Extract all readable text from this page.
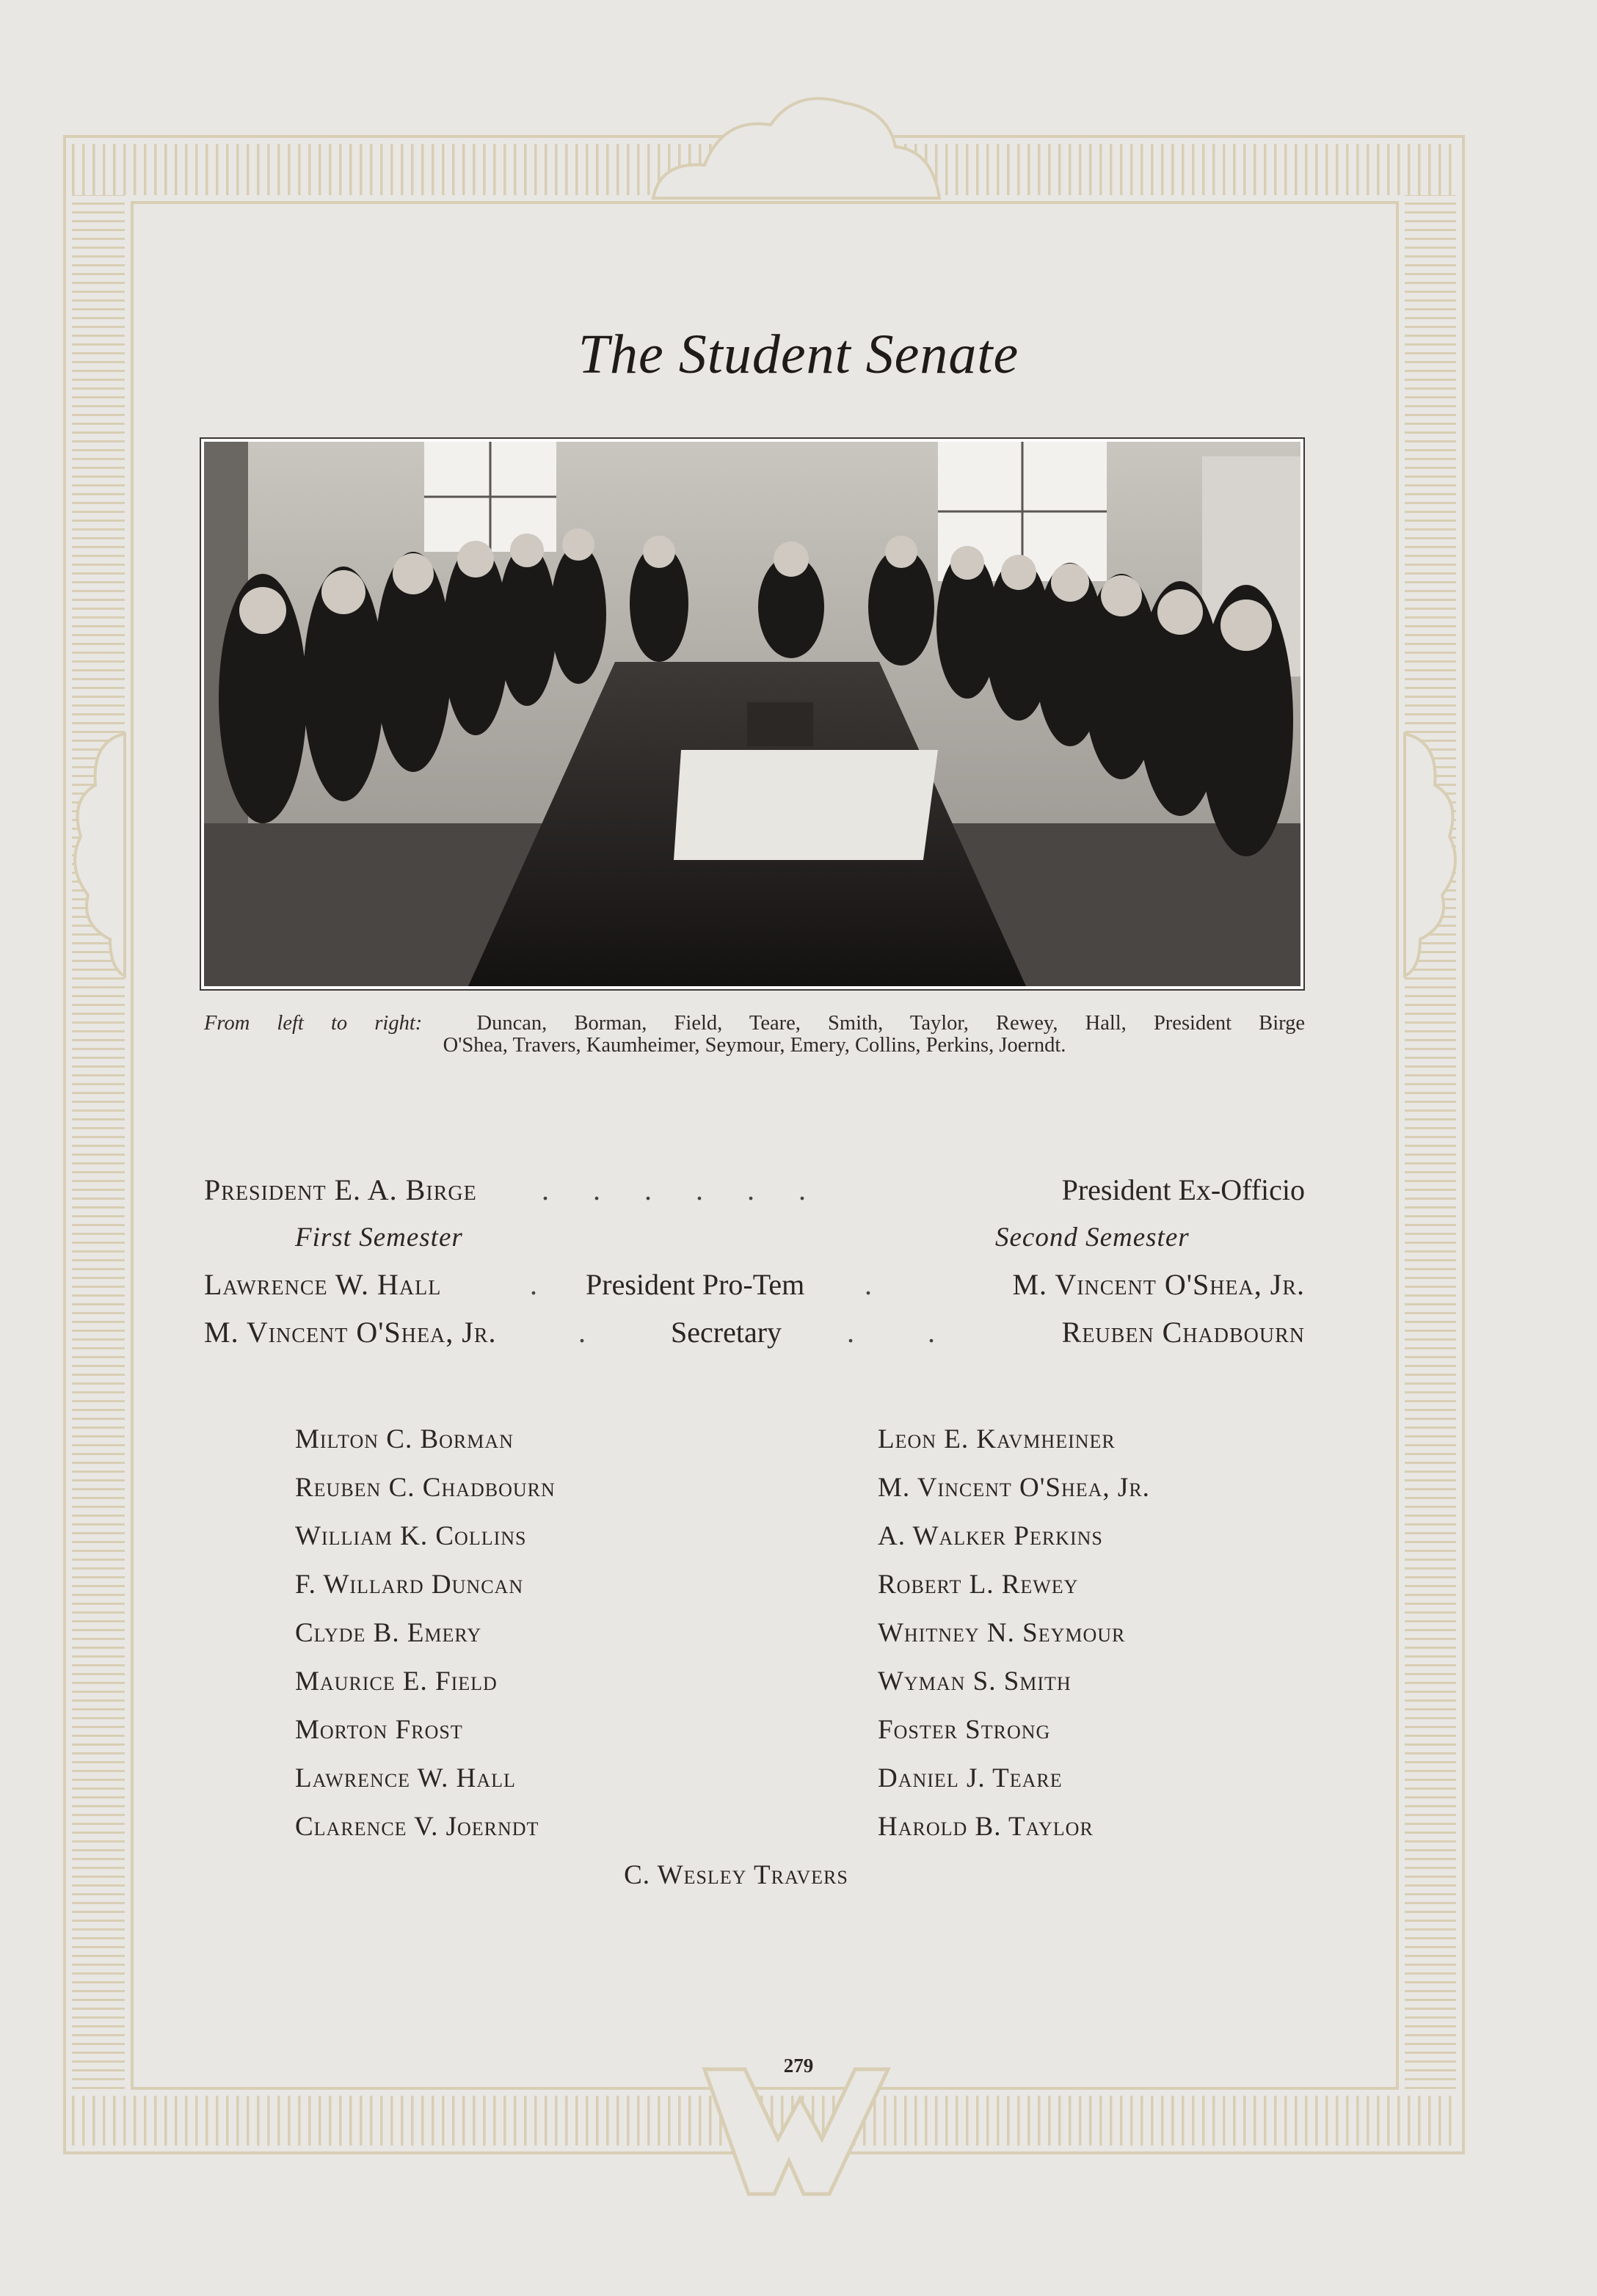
The Student Senate
From left to right:	Duncan, Borman, Field, Teare, Smith, Taylor, Rewey, Hall, President Birge
O'Shea, Travers, Kaumheimer, Seymour, Emery, Collins, Perkins, Joerndt.
President E. A. Birge ......	President Ex-Officio
First Semester	Second Semester
Lawrence W. Hall	. President Pro-Tem .	M. Vincent O'Shea, Jr.
M. Vincent O'Shea, Jr.	.	Secretary .. Reuben Chadbourn
Milton C. Borman
Reuben C. Chadbourn
William K. Collins
F. Willard Duncan
Clyde B. Emery
Maurice E. Field
Morton Frost
Lawrence W. Hall
Clarence V. Joerndt
Leon E. Kavmheiner
M. Vincent O'Shea, Jr.
A. Walker Perkins
Robert L. Rewey
Whitney N. Seymour
Wyman S. Smith
Foster Strong
Daniel J. Teare
Harold B. Taylor
C. Wesley Travers
279
